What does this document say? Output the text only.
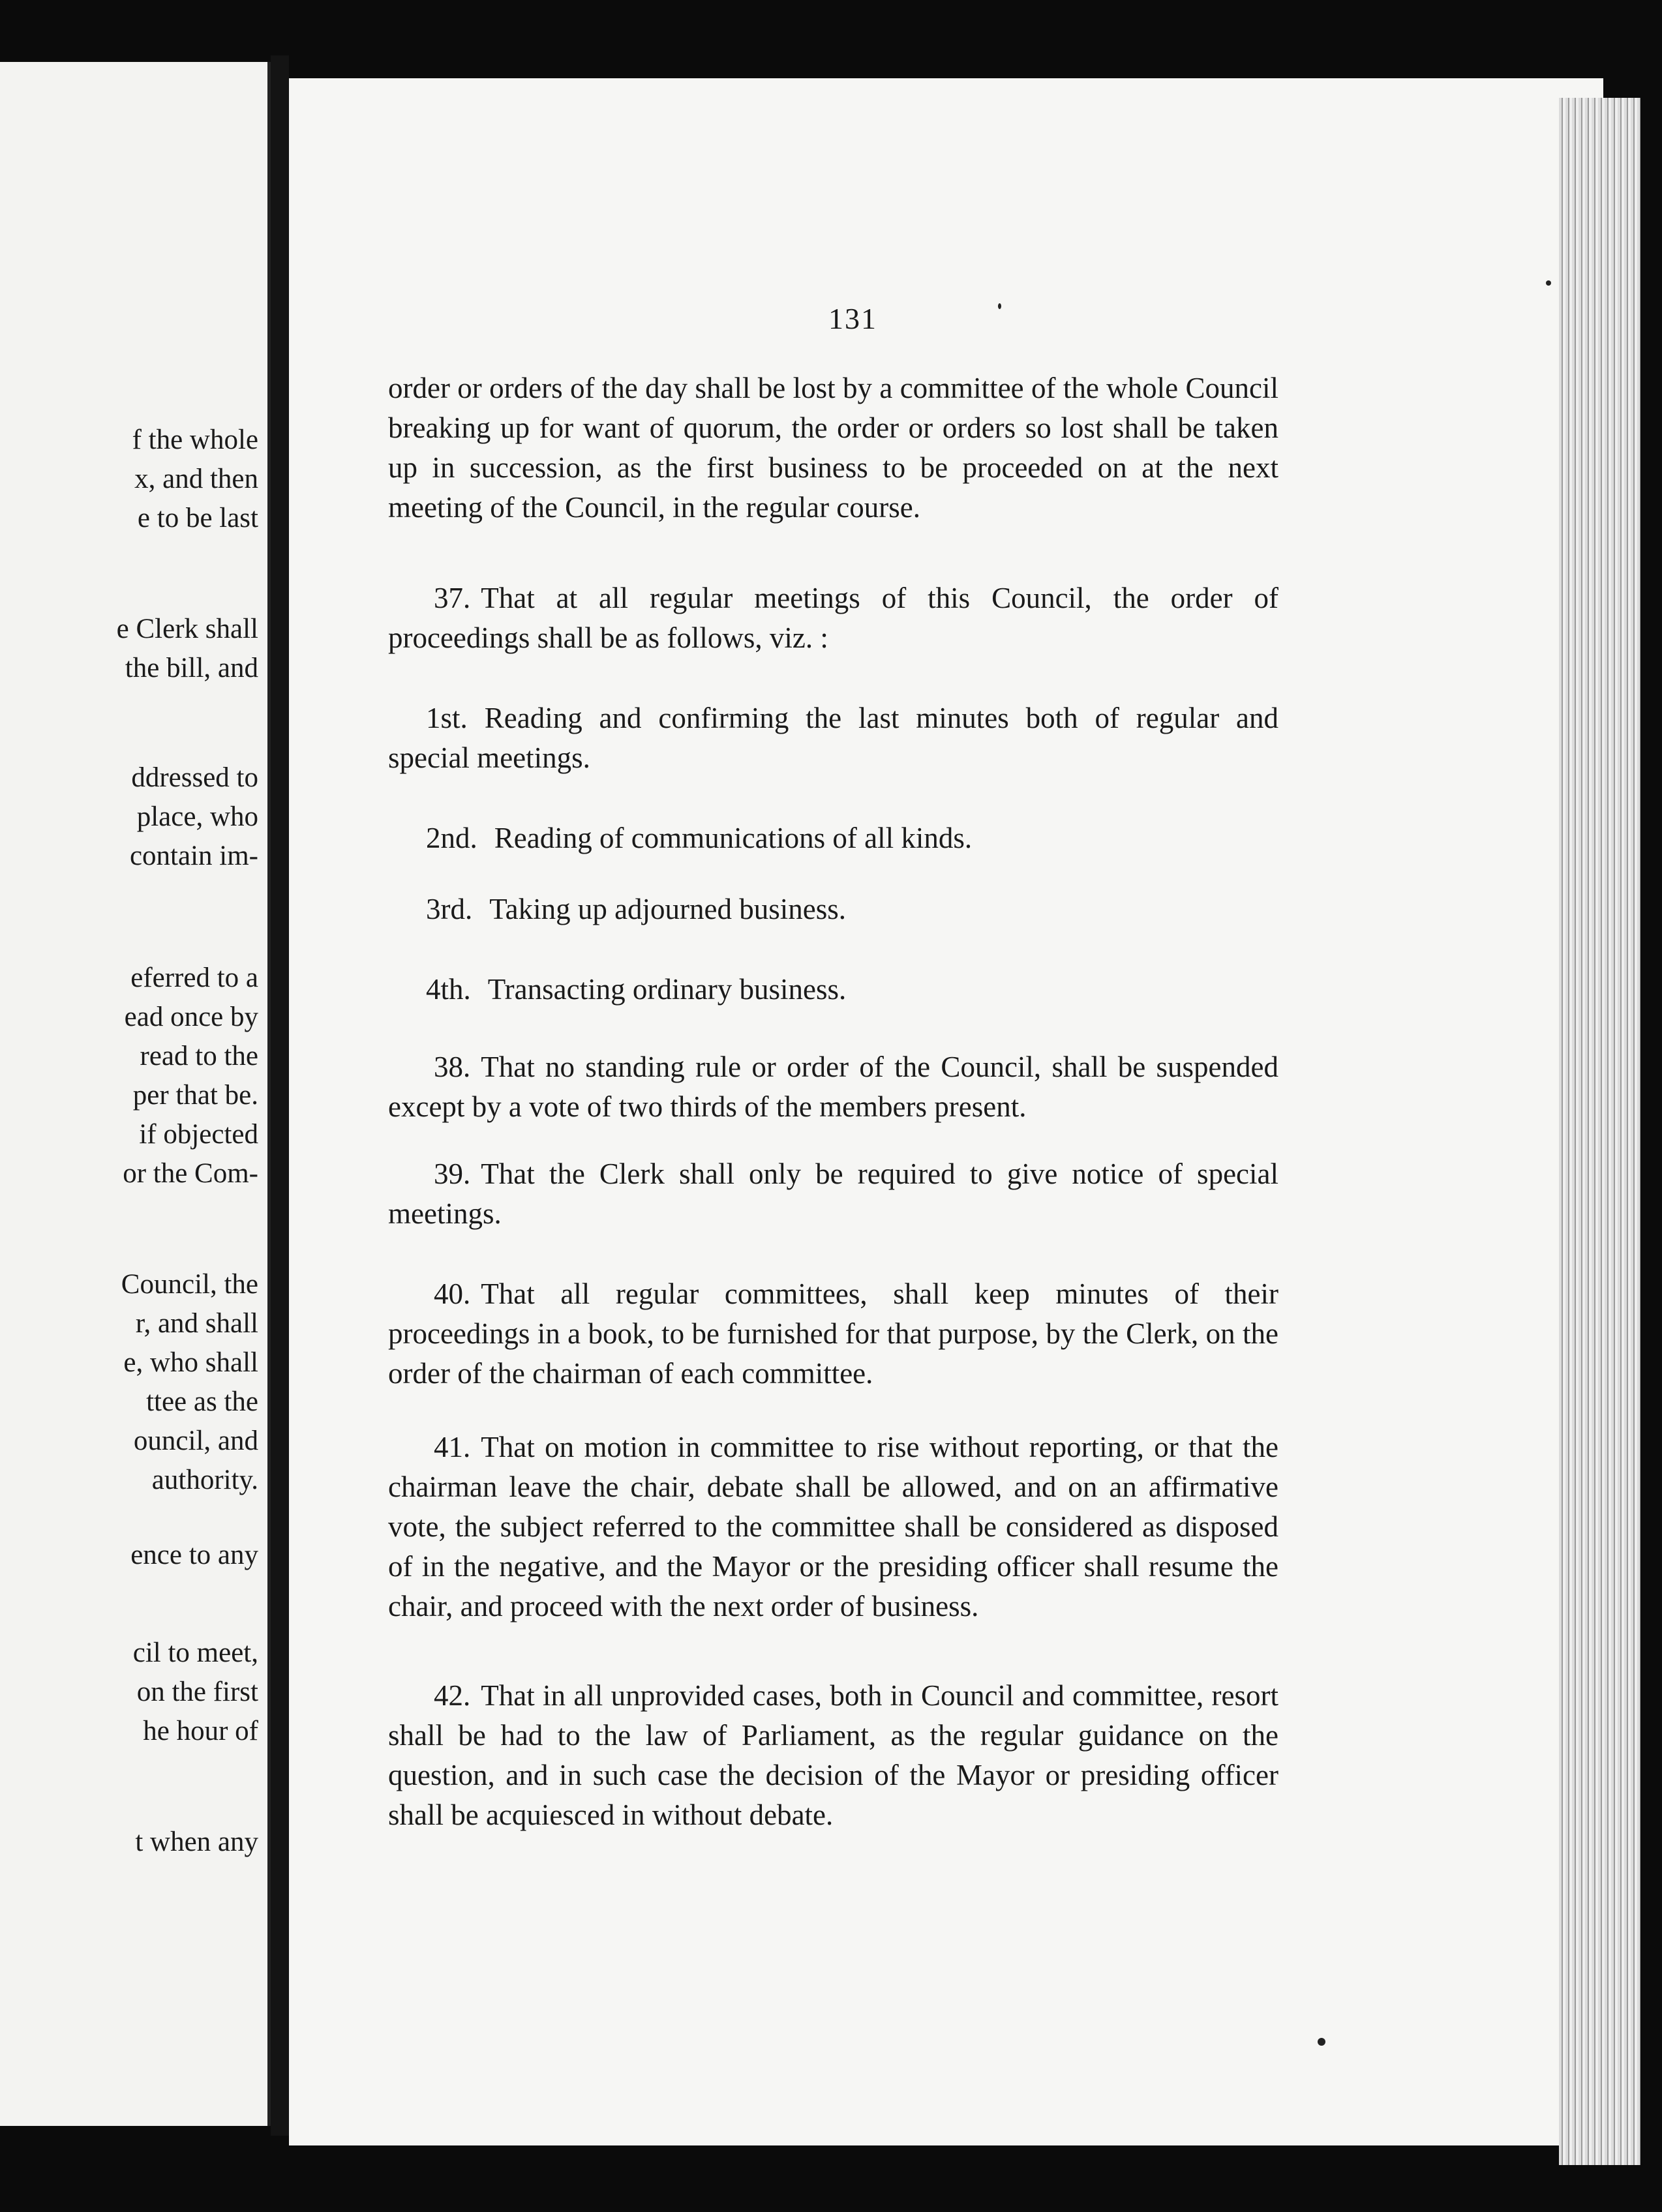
f the whole
x, and then
e to be last
e Clerk shall
the bill, and
ddressed to
place, who
contain im-
eferred to a
ead once by
read to the
per that be.
if objected
or the Com-
Council, the
r, and shall
e, who shall
ttee as the
ouncil, and
authority.
ence to any
cil to meet,
on the first
he hour of
t when any
131

order or orders of the day shall be lost by a committee of the whole Council breaking up for want of quorum, the order or orders so lost shall be taken up in succession, as the first business to be proceeded on at the next meeting of the Council, in the regular course.

37. That at all regular meetings of this Council, the order of proceedings shall be as follows, viz. :

1st. Reading and confirming the last minutes both of regular and special meetings.

2nd. Reading of communications of all kinds.

3rd. Taking up adjourned business.

4th. Transacting ordinary business.

38. That no standing rule or order of the Council, shall be suspended except by a vote of two thirds of the members present.

39. That the Clerk shall only be required to give notice of special meetings.

40. That all regular committees, shall keep minutes of their proceedings in a book, to be furnished for that purpose, by the Clerk, on the order of the chairman of each committee.

41. That on motion in committee to rise without reporting, or that the chairman leave the chair, debate shall be allowed, and on an affirmative vote, the subject referred to the committee shall be considered as disposed of in the negative, and the Mayor or the presiding officer shall resume the chair, and proceed with the next order of business.

42. That in all unprovided cases, both in Council and committee, resort shall be had to the law of Parliament, as the regular guidance on the question, and in such case the decision of the Mayor or presiding officer shall be acquiesced in without debate.
